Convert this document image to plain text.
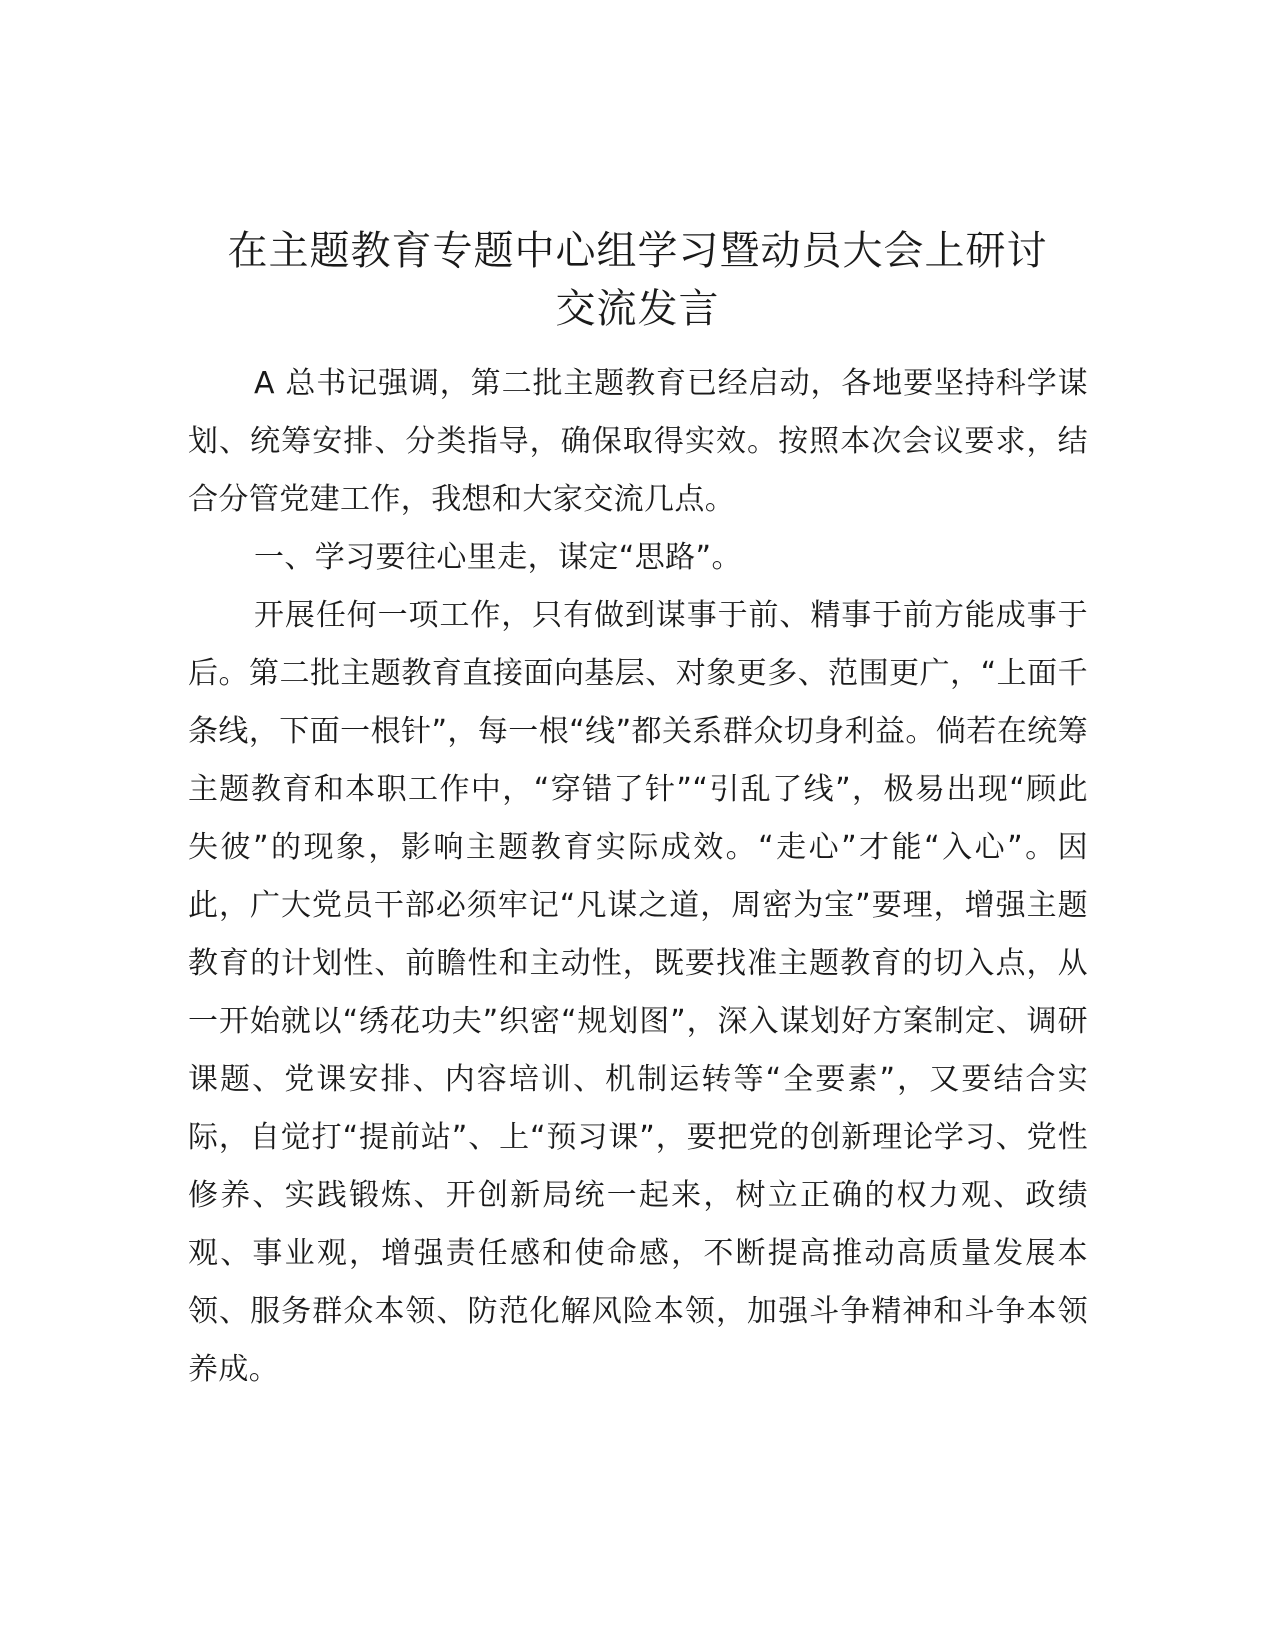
在主题教育专题中心组学习暨动员大会上研讨
交流发言

A 总书记强调，第二批主题教育已经启动，各地要坚持科学谋划、统筹安排、分类指导，确保取得实效。按照本次会议要求，结合分管党建工作，我想和大家交流几点。

一、学习要往心里走，谋定“思路”。

开展任何一项工作，只有做到谋事于前、精事于前方能成事于后。第二批主题教育直接面向基层、对象更多、范围更广，“上面千条线，下面一根针”，每一根“线”都关系群众切身利益。倘若在统筹主题教育和本职工作中，“穿错了针”“引乱了线”，极易出现“顾此失彼”的现象，影响主题教育实际成效。“走心”才能“入心”。因此，广大党员干部必须牢记“凡谋之道，周密为宝”要理，增强主题教育的计划性、前瞻性和主动性，既要找准主题教育的切入点，从一开始就以“绣花功夫”织密“规划图”，深入谋划好方案制定、调研课题、党课安排、内容培训、机制运转等“全要素”，又要结合实际，自觉打“提前站”、上“预习课”，要把党的创新理论学习、党性修养、实践锻炼、开创新局统一起来，树立正确的权力观、政绩观、事业观，增强责任感和使命感，不断提高推动高质量发展本领、服务群众本领、防范化解风险本领，加强斗争精神和斗争本领养成。
